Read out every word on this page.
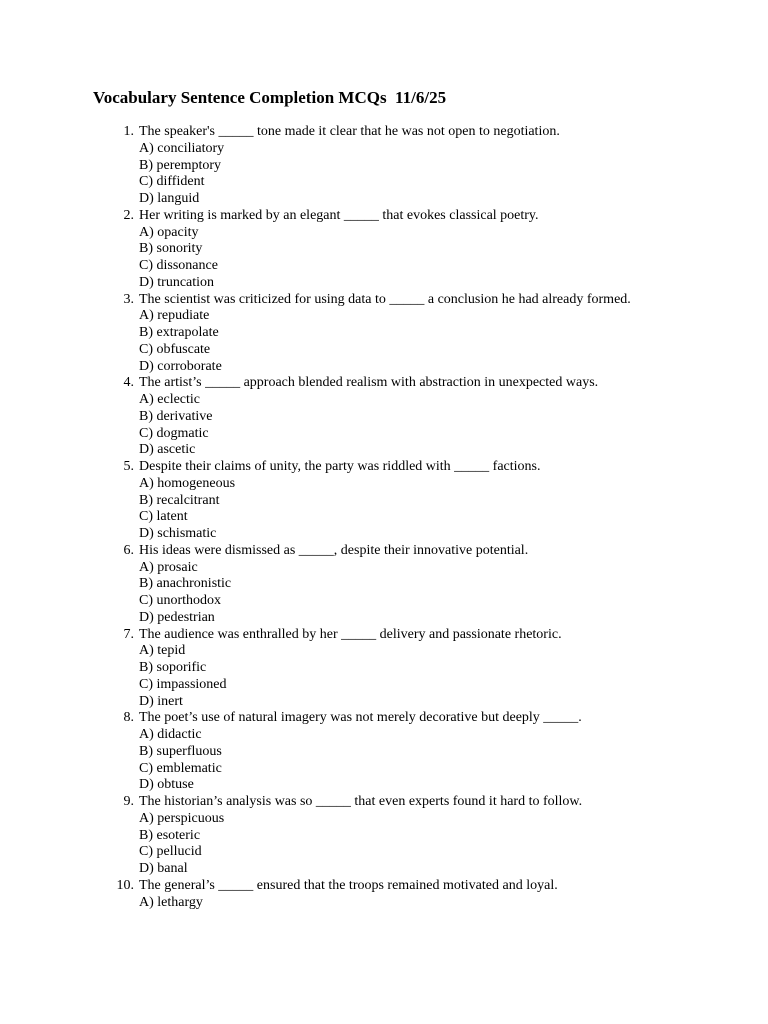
Vocabulary Sentence Completion MCQs  11/6/25
1. The speaker's _____ tone made it clear that he was not open to negotiation.
A) conciliatory
B) peremptory
C) diffident
D) languid
2. Her writing is marked by an elegant _____ that evokes classical poetry.
A) opacity
B) sonority
C) dissonance
D) truncation
3. The scientist was criticized for using data to _____ a conclusion he had already formed.
A) repudiate
B) extrapolate
C) obfuscate
D) corroborate
4. The artist’s _____ approach blended realism with abstraction in unexpected ways.
A) eclectic
B) derivative
C) dogmatic
D) ascetic
5. Despite their claims of unity, the party was riddled with _____ factions.
A) homogeneous
B) recalcitrant
C) latent
D) schismatic
6. His ideas were dismissed as _____, despite their innovative potential.
A) prosaic
B) anachronistic
C) unorthodox
D) pedestrian
7. The audience was enthralled by her _____ delivery and passionate rhetoric.
A) tepid
B) soporific
C) impassioned
D) inert
8. The poet’s use of natural imagery was not merely decorative but deeply _____.
A) didactic
B) superfluous
C) emblematic
D) obtuse
9. The historian’s analysis was so _____ that even experts found it hard to follow.
A) perspicuous
B) esoteric
C) pellucid
D) banal
10. The general’s _____ ensured that the troops remained motivated and loyal.
A) lethargy
